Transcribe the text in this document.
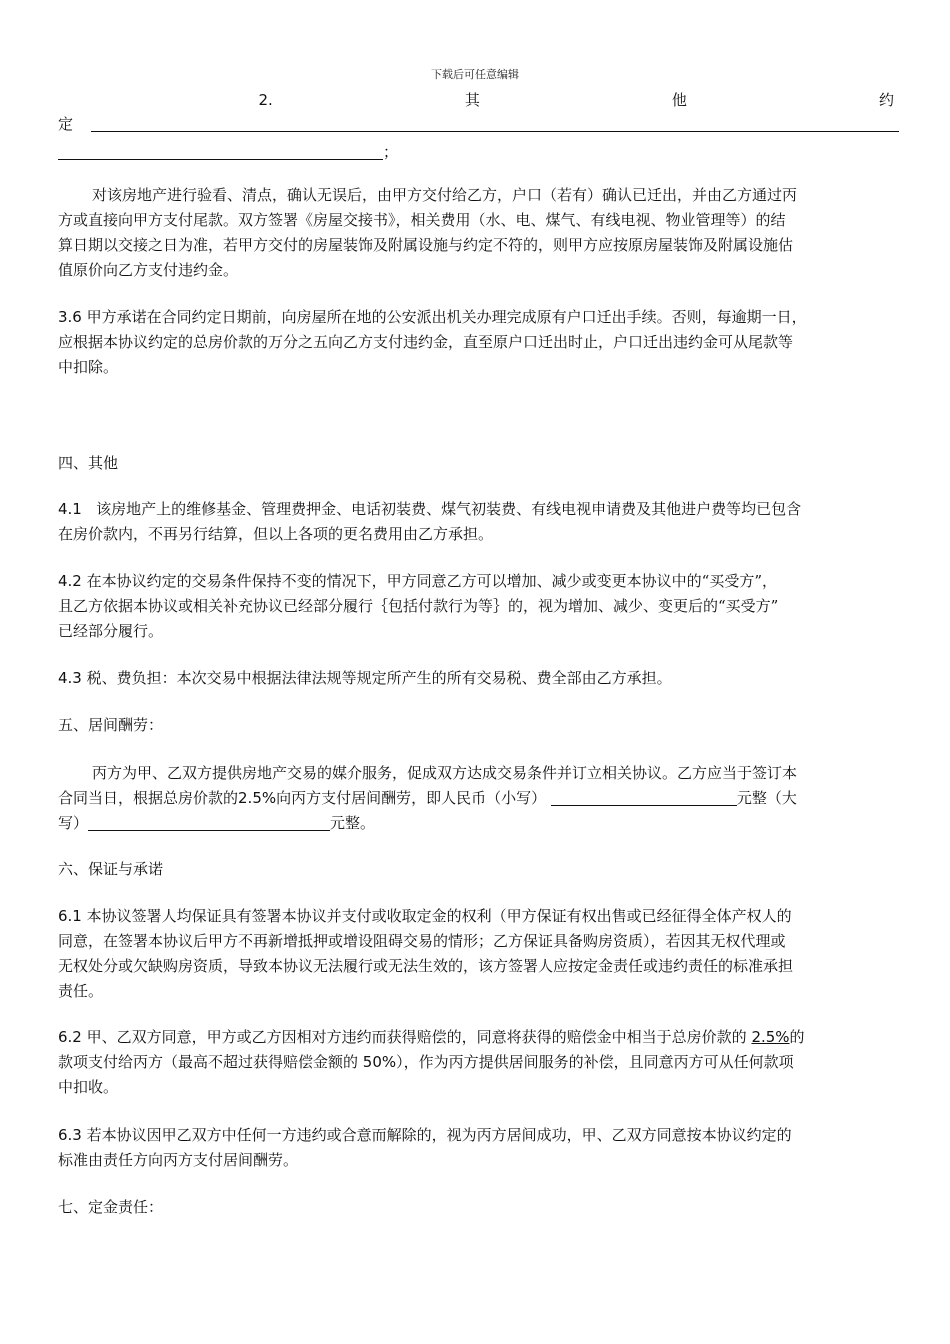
下载后可任意编辑
2.	其	他	约
定
；
对该房地产进行验看、清点，确认无误后，由甲方交付给乙方，户口（若有）确认已迁出，并由乙方通过丙
方或直接向甲方支付尾款。双方签署《房屋交接书》，相关费用（水、电、煤气、有线电视、物业管理等）的结
算日期以交接之日为准，若甲方交付的房屋装饰及附属设施与约定不符的，则甲方应按原房屋装饰及附属设施估
值原价向乙方支付违约金。
3.6 甲方承诺在合同约定日期前，向房屋所在地的公安派出机关办理完成原有户口迁出手续。否则，每逾期一日，
应根据本协议约定的总房价款的万分之五向乙方支付违约金，直至原户口迁出时止，户口迁出违约金可从尾款等
中扣除。
四、其他
4.1 该房地产上的维修基金、管理费押金、电话初装费、煤气初装费、有线电视申请费及其他进户费等均已包含
在房价款内，不再另行结算，但以上各项的更名费用由乙方承担。
4.2 在本协议约定的交易条件保持不变的情况下，甲方同意乙方可以增加、减少或变更本协议中的“买受方”，
且乙方依据本协议或相关补充协议已经部分履行｛包括付款行为等｝的，视为增加、减少、变更后的“买受方”
已经部分履行。
4.3 税、费负担：本次交易中根据法律法规等规定所产生的所有交易税、费全部由乙方承担。
五、居间酬劳：
丙方为甲、乙双方提供房地产交易的媒介服务，促成双方达成交易条件并订立相关协议。乙方应当于签订本
合同当日，根据总房价款的2.5%向丙方支付居间酬劳，即人民币（小写）	元整（大
写）	元整。
六、保证与承诺
6.1 本协议签署人均保证具有签署本协议并支付或收取定金的权利（甲方保证有权出售或已经征得全体产权人的
同意，在签署本协议后甲方不再新增抵押或增设阻碍交易的情形；乙方保证具备购房资质），若因其无权代理或
无权处分或欠缺购房资质，导致本协议无法履行或无法生效的，该方签署人应按定金责任或违约责任的标准承担
责任。
6.2 甲、乙双方同意，甲方或乙方因相对方违约而获得赔偿的，同意将获得的赔偿金中相当于总房价款的 2.5%的
款项支付给丙方（最高不超过获得赔偿金额的 50%），作为丙方提供居间服务的补偿，且同意丙方可从任何款项
中扣收。
6.3 若本协议因甲乙双方中任何一方违约或合意而解除的，视为丙方居间成功，甲、乙双方同意按本协议约定的
标准由责任方向丙方支付居间酬劳。
七、定金责任：
